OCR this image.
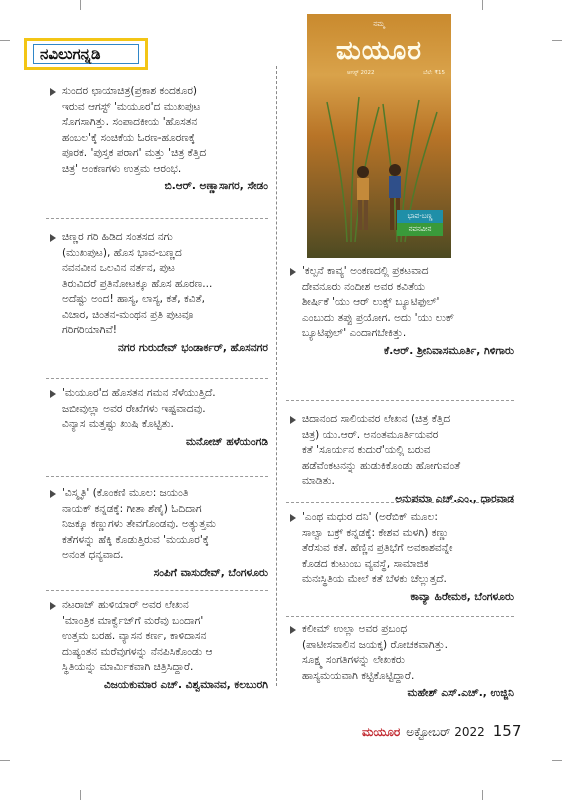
ನವಿಲುಗನ್ನಡಿ
ನಮ್ಮ
ಮಯೂರ
ಆಗಸ್ಟ್ 2022	ಬೆಲೆ: ₹15
ಭಾವ-ಬಣ್ಣ
ನವನವೀನ
ಸುಂದರ ಛಾಯಾಚಿತ್ರ(ಪ್ರಕಾಶ ಕಂದಕೂರ)
ಇರುವ ಆಗಸ್ಟ್ 'ಮಯೂರ'ದ ಮುಖಪುಟ
ಸೊಗಸಾಗಿತ್ತು. ಸಂಪಾದಕೀಯ 'ಹೊಸತನ
ಹಂಬಲ'ಕ್ಕೆ ಸಂಚಿಕೆಯ ಓರಣ-ಹೂರಣಕ್ಕೆ
ಪೂರಕ. 'ಪುಸ್ತಕ ಪರಾಗ' ಮತ್ತು 'ಚಿತ್ರ ಕೆತ್ತಿದ
ಚಿತ್ರ' ಅಂಕಣಗಳು ಉತ್ತಮ ಆರಂಭ.
ಬಿ.ಆರ್. ಅಣ್ಣಾಸಾಗರ, ಸೇಡಂ
ಚಿಣ್ಣರ ಗರಿ ಹಿಡಿದ ಸಂತಸದ ನಗು
(ಮುಖಪುಟ), ಹೊಸ ಭಾವ-ಬಣ್ಣದ
ನವನವೀನ ಒಲವಿನ ನರ್ತನ, ಪುಟ
ತಿರುವಿದರೆ ಪ್ರತಿನೋಟಕ್ಕೂ ಹೊಸ ಹೂರಣ...
ಅದೆಷ್ಟು ಅಂದ! ಹಾಸ್ಯ, ಲಾಸ್ಯ, ಕತೆ, ಕವಿತೆ,
ವಿಚಾರ, ಚಿಂತನ-ಮಂಥನ ಪ್ರತಿ ಪುಟವೂ
ಗರಿಗರಿಯಾಗಿವೆ!
ನಗರ ಗುರುದೇವ್ ಭಂಡಾರ್ಕರ್, ಹೊಸನಗರ
'ಮಯೂರ'ದ ಹೊಸತನ ಗಮನ ಸೆಳೆಯುತ್ತಿದೆ.
ಜಬೀವುಲ್ಲಾ ಅವರ ರೇಖೆಗಳು ಇಷ್ಟವಾದವು.
ವಿನ್ಯಾಸ ಮತ್ತಷ್ಟು ಖುಷಿ ಕೊಟ್ಟಿತು.
ಮನೋಜ್ ಹಳೆಯಂಗಡಿ
'ವಿಸ್ಮೃತಿ' (ಕೊಂಕಣಿ ಮೂಲ: ಜಯಂತಿ
ನಾಯಕ್ ಕನ್ನಡಕ್ಕೆ: ಗೀತಾ ಶೆಣೈ) ಓದಿದಾಗ
ನಿಜಕ್ಕೂ ಕಣ್ಣುಗಳು ತೇವಗೊಂಡವು. ಅತ್ಯುತ್ತಮ
ಕತೆಗಳನ್ನು ಹೆಕ್ಕಿ ಕೊಡುತ್ತಿರುವ 'ಮಯೂರ'ಕ್ಕೆ
ಅನಂತ ಧನ್ಯವಾದ.
ಸಂಪಿಗೆ ವಾಸುದೇವ್, ಬೆಂಗಳೂರು
ನಟರಾಜ್ ಹುಳಿಯಾರ್ ಅವರ ಲೇಖನ
'ಮಾಂತ್ರಿಕ ಮಾರ್ಕ್ವೆಜ್‌ಗೆ ಮರೆವು ಬಂದಾಗ'
ಉತ್ತಮ ಬರಹ. ವ್ಯಾಸನ ಕರ್ಣ, ಕಾಳಿದಾಸನ
ದುಷ್ಯಂತನ ಮರೆವುಗಳನ್ನು ನೆನಪಿಸಿಕೊಂಡು ಆ
ಸ್ಥಿತಿಯನ್ನು ಮಾರ್ಮಿಕವಾಗಿ ಚಿತ್ರಿಸಿದ್ದಾರೆ.
ವಿಜಯಕುಮಾರ ಎಚ್. ವಿಶ್ವಮಾನವ, ಕಲಬುರಗಿ
'ಕಲ್ಪನೆ ಕಾವ್ಯ' ಅಂಕಣದಲ್ಲಿ ಪ್ರಕಟವಾದ
ದೇವನೂರು ನಂದೀಶ ಅವರ ಕವಿತೆಯ
ಶೀರ್ಷಿಕೆ 'ಯು ಆರ್ ಲುಕ್ಸ್ ಬ್ಯೂಟಿಫುಲ್'
ಎಂಬುದು ತಪ್ಪು ಪ್ರಯೋಗ. ಅದು 'ಯು ಲುಕ್
ಬ್ಯೂಟಿಫುಲ್' ಎಂದಾಗಬೇಕಿತ್ತು.
ಕೆ.ಆರ್. ಶ್ರೀನಿವಾಸಮೂರ್ತಿ, ಗಿಳಿಗಾರು
ಚಿದಾನಂದ ಸಾಲಿಯವರ ಲೇಖನ (ಚಿತ್ರ ಕೆತ್ತಿದ
ಚಿತ್ರ) ಯು.ಆರ್. ಅನಂತಮೂರ್ತಿಯವರ
ಕತೆ 'ಸೂರ್ಯನ ಕುದುರೆ'ಯಲ್ಲಿ ಬರುವ
ಹಡೆವೆಂಕಟನನ್ನು ಹುಡುಕಿಕೊಂಡು ಹೋಗುವಂತೆ
ಮಾಡಿತು.
ಅನುಪಮಾ ಎಚ್.ಎಂ., ಧಾರವಾಡ
'ಎಂಥ ಮಧುರ ದನಿ' (ಅರೆಬಿಕ್ ಮೂಲ:
ಸಾಲ್ವಾ ಬಕ್ರ್ ಕನ್ನಡಕ್ಕೆ: ಕೇಶವ ಮಳಗಿ) ಕಣ್ಣು
ತೆರೆಸುವ ಕತೆ. ಹೆಣ್ಣಿನ ಪ್ರತಿಭೆಗೆ ಅವಕಾಶವನ್ನೇ
ಕೊಡದ ಕುಟುಂಬ ವ್ಯವಸ್ಥೆ, ಸಾಮಾಜಿಕ
ಮನಃಸ್ಥಿತಿಯ ಮೇಲೆ ಕತೆ ಬೆಳಕು ಚೆಲ್ಲುತ್ತದೆ.
ಕಾವ್ಯಾ ಹಿರೇಮಠ, ಬೆಂಗಳೂರು
ಕಲೀಮ್ ಉಲ್ಲಾ ಅವರ ಪ್ರಬಂಧ
(ಪಾಟೀಸವಾಲಿನ ಜಯಕ್ಕ) ರೋಚಕವಾಗಿತ್ತು.
ಸೂಕ್ಷ್ಮ ಸಂಗತಿಗಳನ್ನು ಲೇಖಕರು
ಹಾಸ್ಯಮಯವಾಗಿ ಕಟ್ಟಿಕೊಟ್ಟಿದ್ದಾರೆ.
ಮಹೇಶ್ ಎಸ್.ಎಚ್., ಉಜ್ಜಿನಿ
ಮಯೂರ ಅಕ್ಟೋಬರ್ 2022 157
